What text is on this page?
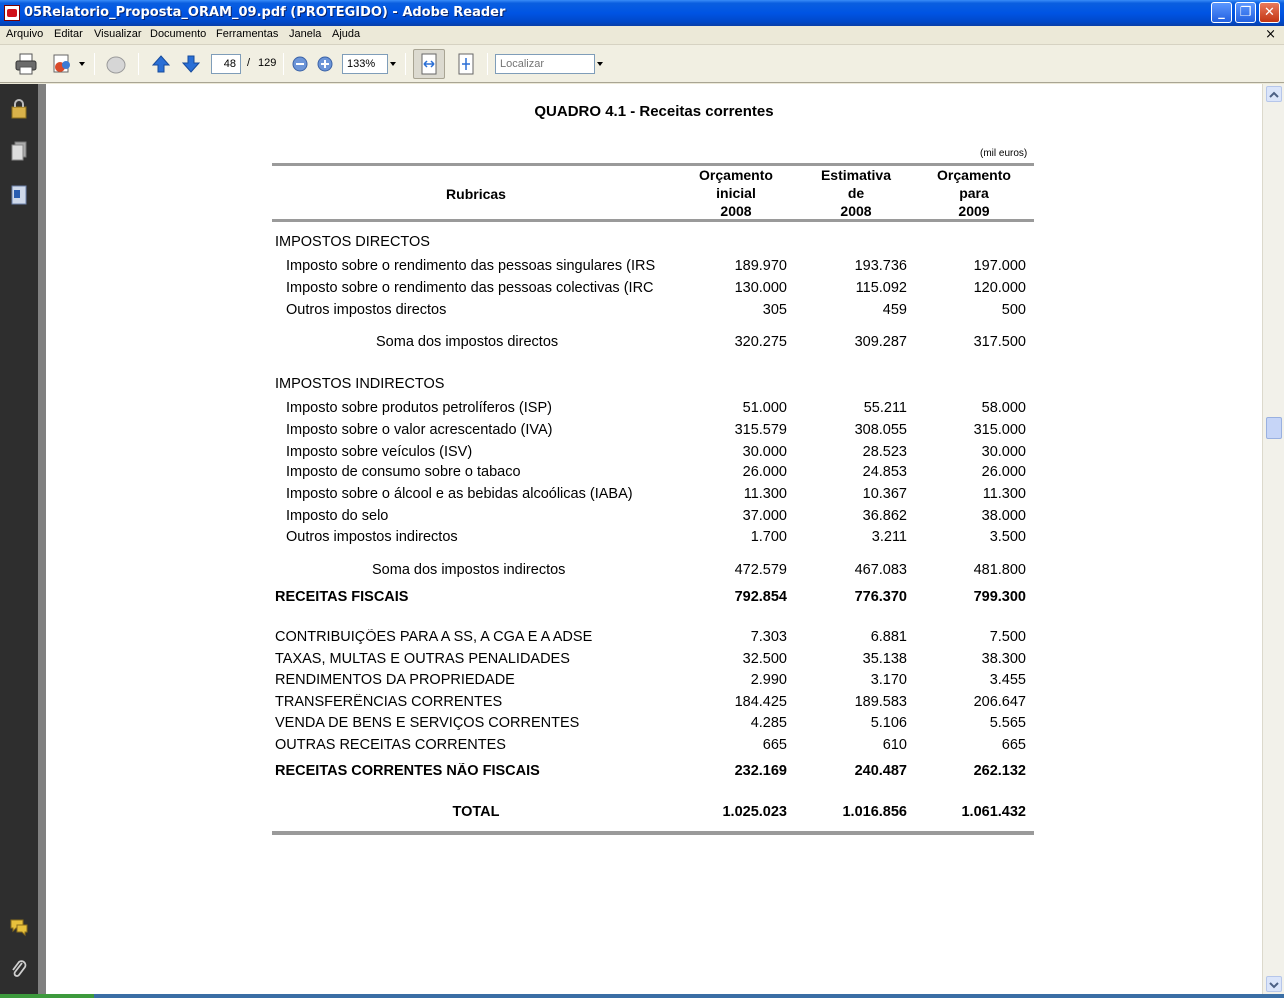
05Relatorio_Proposta_ORAM_09.pdf (PROTEGIDO) - Adobe Reader	_	❐ ✕
Arquivo Editar Visualizar Documento Ferramentas Janela Ajuda	×
48
/ 129
133%
Localizar
QUADRO 4.1 - Receitas correntes
(mil euros)
Rubricas
Orçamento
inicial
2008
Estimativa
de
2008
Orçamento
para
2009
IMPOSTOS DIRECTOS
Imposto sobre o rendimento das pessoas singulares (IRS	189.970	193.736	197.000
Imposto sobre o rendimento das pessoas colectivas (IRC	130.000	115.092	120.000
Outros impostos directos	305	459	500
Soma dos impostos directos	320.275	309.287	317.500
IMPOSTOS INDIRECTOS
Imposto sobre produtos petrolíferos (ISP)	51.000	55.211	58.000
Imposto sobre o valor acrescentado (IVA)	315.579	308.055	315.000
Imposto sobre veículos (ISV)	30.000	28.523	30.000
Imposto de consumo sobre o tabaco	26.000	24.853	26.000
Imposto sobre o álcool e as bebidas alcoólicas (IABA)	11.300	10.367	11.300
Imposto do selo	37.000	36.862	38.000
Outros impostos indirectos	1.700	3.211	3.500
Soma dos impostos indirectos	472.579	467.083	481.800
RECEITAS FISCAIS	792.854	776.370	799.300
CONTRIBUIÇÕES PARA A SS, A CGA E A ADSE	7.303	6.881	7.500
TAXAS, MULTAS E OUTRAS PENALIDADES	32.500	35.138	38.300
RENDIMENTOS DA PROPRIEDADE	2.990	3.170	3.455
TRANSFERÊNCIAS CORRENTES	184.425	189.583	206.647
VENDA DE BENS E SERVIÇOS CORRENTES	4.285	5.106	5.565
OUTRAS RECEITAS CORRENTES	665	610	665
RECEITAS CORRENTES NÃO FISCAIS	232.169	240.487	262.132
TOTAL	1.025.023	1.016.856	1.061.432
